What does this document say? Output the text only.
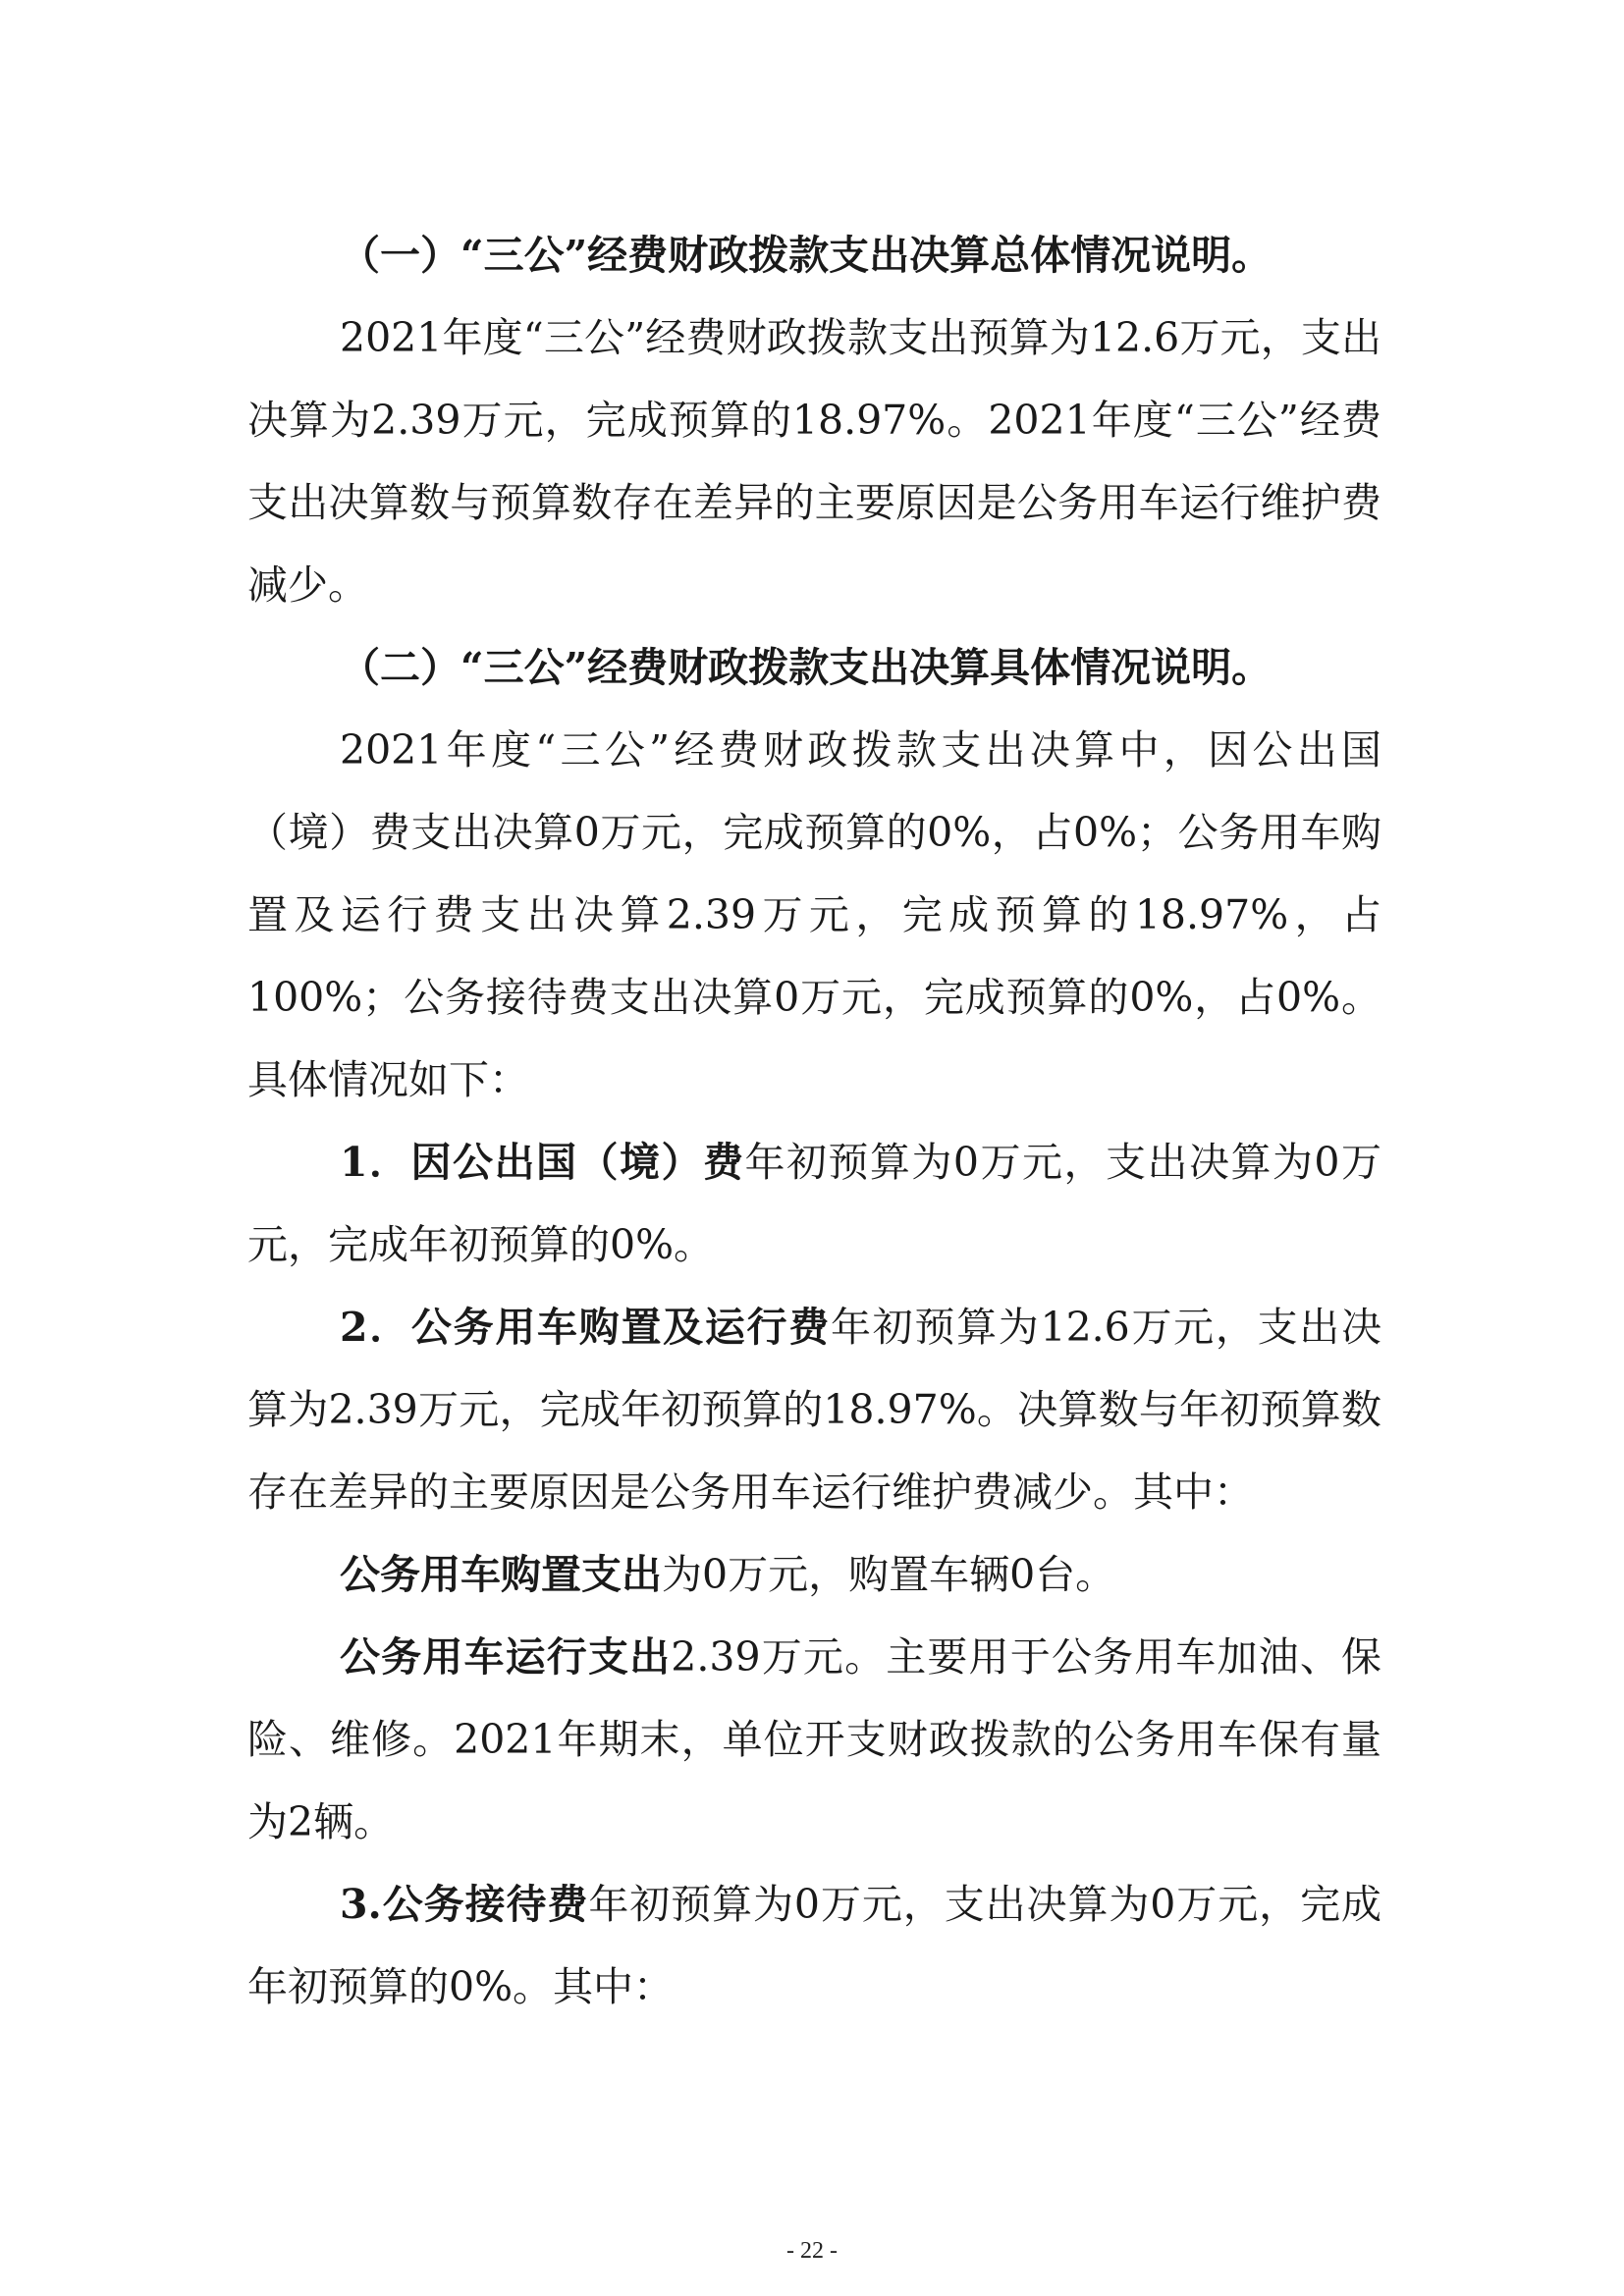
（一）“三公”经费财政拨款支出决算总体情况说明。

2021年度“三公”经费财政拨款支出预算为12.6万元，支出决算为2.39万元，完成预算的18.97%。2021年度“三公”经费支出决算数与预算数存在差异的主要原因是公务用车运行维护费减少。

（二）“三公”经费财政拨款支出决算具体情况说明。

2021年度“三公”经费财政拨款支出决算中，因公出国（境）费支出决算0万元，完成预算的0%，占0%；公务用车购置及运行费支出决算2.39万元，完成预算的18.97%，占100%；公务接待费支出决算0万元，完成预算的0%，占0%。具体情况如下：

1．因公出国（境）费年初预算为0万元，支出决算为0万元，完成年初预算的0%。

2．公务用车购置及运行费年初预算为12.6万元，支出决算为2.39万元，完成年初预算的18.97%。决算数与年初预算数存在差异的主要原因是公务用车运行维护费减少。其中：

公务用车购置支出为0万元，购置车辆0台。

公务用车运行支出2.39万元。主要用于公务用车加油、保险、维修。2021年期末，单位开支财政拨款的公务用车保有量为2辆。

3.公务接待费年初预算为0万元，支出决算为0万元，完成年初预算的0%。其中：

- 22 -
